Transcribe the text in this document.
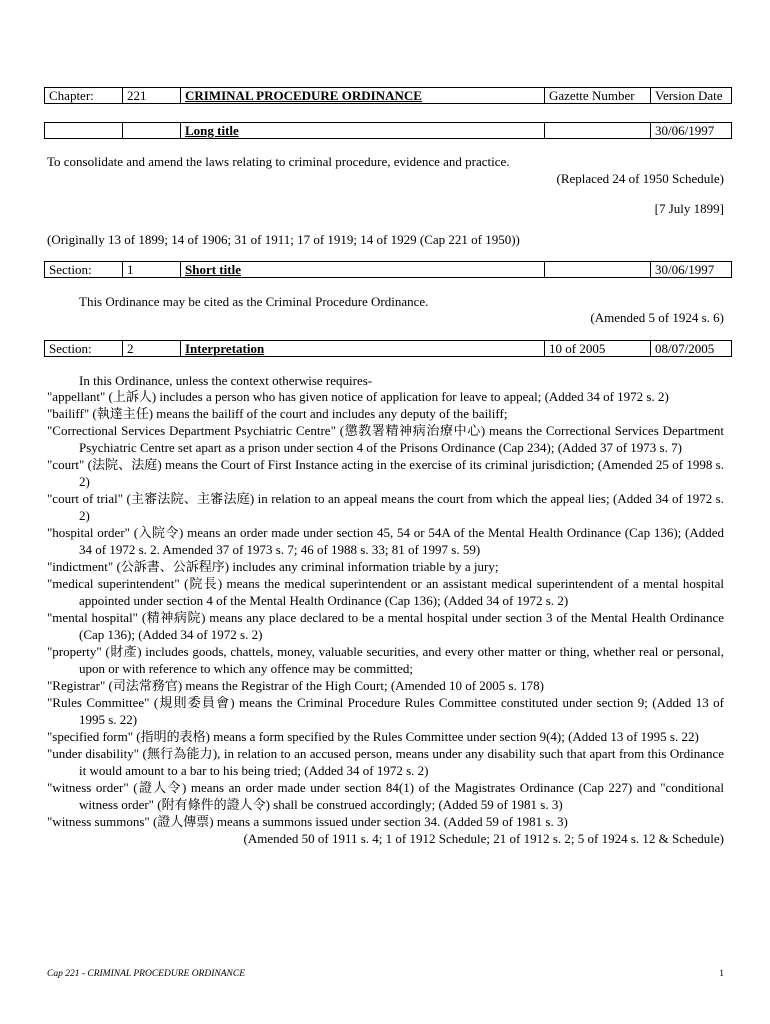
Chapter:	221	CRIMINAL PROCEDURE ORDINANCE	Gazette Number	Version Date
		Long title		30/06/1997
To consolidate and amend the laws relating to criminal procedure, evidence and practice.
(Replaced 24 of 1950 Schedule)
[7 July 1899]
(Originally 13 of 1899; 14 of 1906; 31 of 1911; 17 of 1919; 14 of 1929 (Cap 221 of 1950))
Section:	1	Short title		30/06/1997
This Ordinance may be cited as the Criminal Procedure Ordinance.
(Amended 5 of 1924 s. 6)
Section:	2	Interpretation	10 of 2005	08/07/2005
In this Ordinance, unless the context otherwise requires-
"appellant" (上訴人) includes a person who has given notice of application for leave to appeal; (Added 34 of 1972 s. 2)
"bailiff" (執達主任) means the bailiff of the court and includes any deputy of the bailiff;
"Correctional Services Department Psychiatric Centre" (懲教署精神病治療中心) means the Correctional Services Department Psychiatric Centre set apart as a prison under section 4 of the Prisons Ordinance (Cap 234); (Added 37 of 1973 s. 7)
"court" (法院、法庭) means the Court of First Instance acting in the exercise of its criminal jurisdiction; (Amended 25 of 1998 s. 2)
"court of trial" (主審法院、主審法庭) in relation to an appeal means the court from which the appeal lies; (Added 34 of 1972 s. 2)
"hospital order" (入院令) means an order made under section 45, 54 or 54A of the Mental Health Ordinance (Cap 136); (Added 34 of 1972 s. 2. Amended 37 of 1973 s. 7; 46 of 1988 s. 33; 81 of 1997 s. 59)
"indictment" (公訴書、公訴程序) includes any criminal information triable by a jury;
"medical superintendent" (院長) means the medical superintendent or an assistant medical superintendent of a mental hospital appointed under section 4 of the Mental Health Ordinance (Cap 136); (Added 34 of 1972 s. 2)
"mental hospital" (精神病院) means any place declared to be a mental hospital under section 3 of the Mental Health Ordinance (Cap 136); (Added 34 of 1972 s. 2)
"property" (財產) includes goods, chattels, money, valuable securities, and every other matter or thing, whether real or personal, upon or with reference to which any offence may be committed;
"Registrar" (司法常務官) means the Registrar of the High Court; (Amended 10 of 2005 s. 178)
"Rules Committee" (規則委員會) means the Criminal Procedure Rules Committee constituted under section 9; (Added 13 of 1995 s. 22)
"specified form" (指明的表格) means a form specified by the Rules Committee under section 9(4); (Added 13 of 1995 s. 22)
"under disability" (無行為能力), in relation to an accused person, means under any disability such that apart from this Ordinance it would amount to a bar to his being tried; (Added 34 of 1972 s. 2)
"witness order" (證人令) means an order made under section 84(1) of the Magistrates Ordinance (Cap 227) and "conditional witness order" (附有條件的證人令) shall be construed accordingly; (Added 59 of 1981 s. 3)
"witness summons" (證人傳票) means a summons issued under section 34. (Added 59 of 1981 s. 3)
(Amended 50 of 1911 s. 4; 1 of 1912 Schedule; 21 of 1912 s. 2; 5 of 1924 s. 12 & Schedule)
Cap 221 - CRIMINAL PROCEDURE ORDINANCE	1
